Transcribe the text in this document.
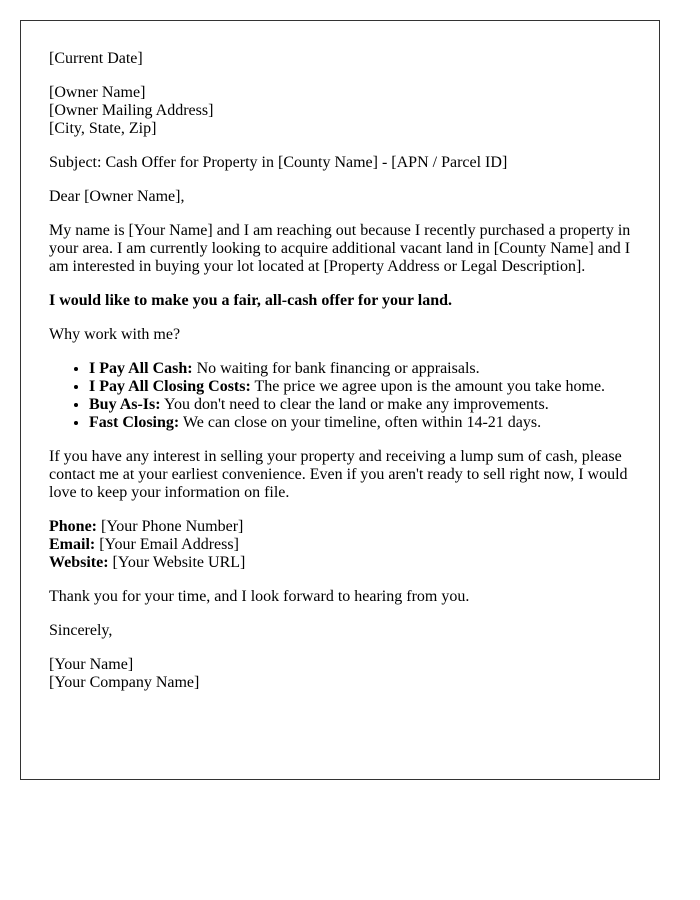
[Current Date]
[Owner Name]
[Owner Mailing Address]
[City, State, Zip]
Subject: Cash Offer for Property in [County Name] - [APN / Parcel ID]
Dear [Owner Name],
My name is [Your Name] and I am reaching out because I recently purchased a property in your area. I am currently looking to acquire additional vacant land in [County Name] and I am interested in buying your lot located at [Property Address or Legal Description].
I would like to make you a fair, all-cash offer for your land.
Why work with me?
• I Pay All Cash: No waiting for bank financing or appraisals.
• I Pay All Closing Costs: The price we agree upon is the amount you take home.
• Buy As-Is: You don't need to clear the land or make any improvements.
• Fast Closing: We can close on your timeline, often within 14-21 days.
If you have any interest in selling your property and receiving a lump sum of cash, please contact me at your earliest convenience. Even if you aren't ready to sell right now, I would love to keep your information on file.
Phone: [Your Phone Number]
Email: [Your Email Address]
Website: [Your Website URL]
Thank you for your time, and I look forward to hearing from you.
Sincerely,
[Your Name]
[Your Company Name]
